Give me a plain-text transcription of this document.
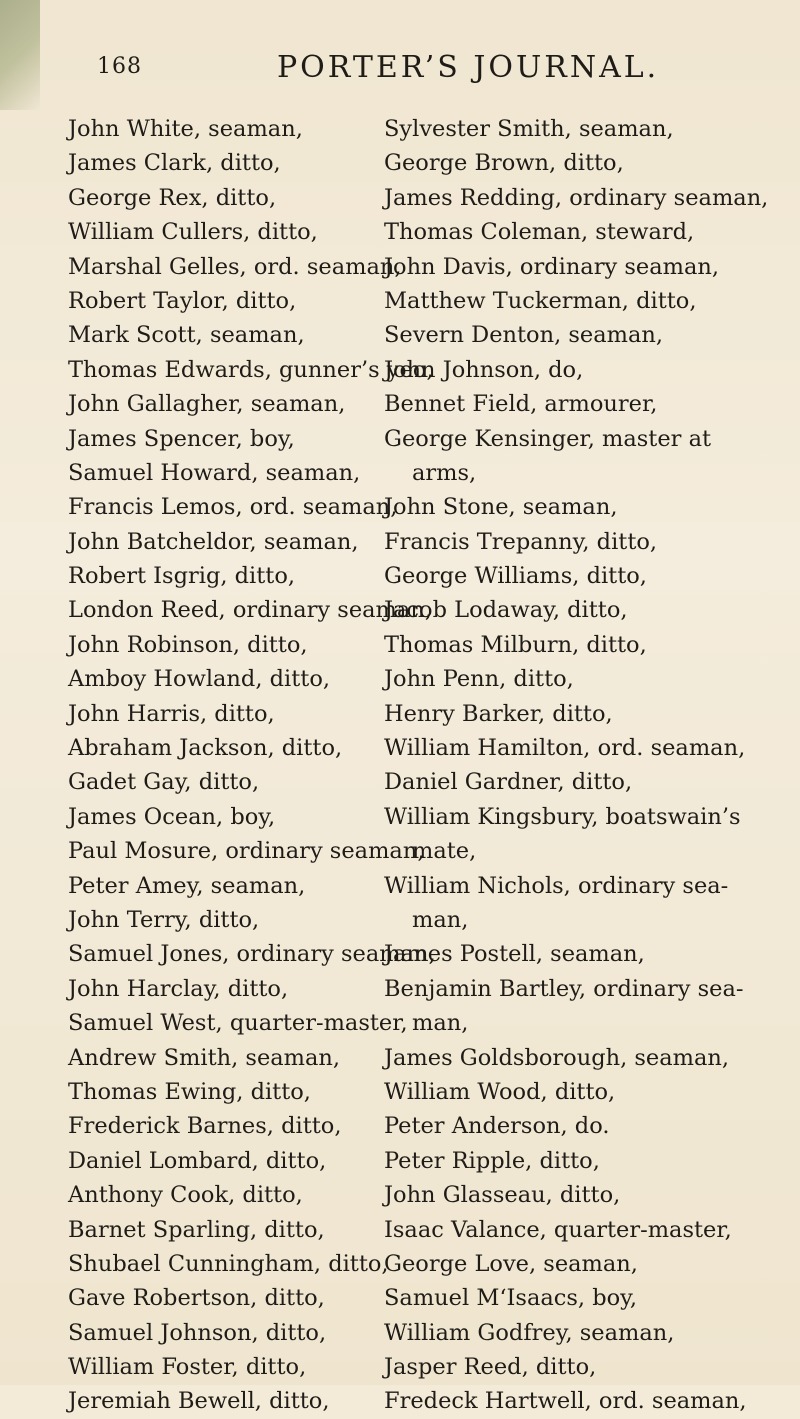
168	PORTER’S JOURNAL.
John White, seaman,
James Clark, ditto,
George Rex, ditto,
William Cullers, ditto,
Marshal Gelles, ord. seaman,
Robert Taylor, ditto,
Mark Scott, seaman,
Thomas Edwards, gunner’s yeo,
John Gallagher, seaman,
James Spencer, boy,
Samuel Howard, seaman,
Francis Lemos, ord. seaman,
John Batcheldor, seaman,
Robert Isgrig, ditto,
London Reed, ordinary seaman,
John Robinson, ditto,
Amboy Howland, ditto,
John Harris, ditto,
Abraham Jackson, ditto,
Gadet Gay, ditto,
James Ocean, boy,
Paul Mosure, ordinary seaman,
Peter Amey, seaman,
John Terry, ditto,
Samuel Jones, ordinary seaman,
John Harclay, ditto,
Samuel West, quarter-master,
Andrew Smith, seaman,
Thomas Ewing, ditto,
Frederick Barnes, ditto,
Daniel Lombard, ditto,
Anthony Cook, ditto,
Barnet Sparling, ditto,
Shubael Cunningham, ditto,
Gave Robertson, ditto,
Samuel Johnson, ditto,
William Foster, ditto,
Jeremiah Bewell, ditto,
Sylvester Smith, seaman,
George Brown, ditto,
James Redding, ordinary seaman,
Thomas Coleman, steward,
John Davis, ordinary seaman,
Matthew Tuckerman, ditto,
Severn Denton, seaman,
John Johnson, do,
Bennet Field, armourer,
George Kensinger, master at
arms,
John Stone, seaman,
Francis Trepanny, ditto,
George Williams, ditto,
Jacob Lodaway, ditto,
Thomas Milburn, ditto,
John Penn, ditto,
Henry Barker, ditto,
William Hamilton, ord. seaman,
Daniel Gardner, ditto,
William Kingsbury, boatswain’s
mate,
William Nichols, ordinary sea-
man,
James Postell, seaman,
Benjamin Bartley, ordinary sea-
man,
James Goldsborough, seaman,
William Wood, ditto,
Peter Anderson, do.
Peter Ripple, ditto,
John Glasseau, ditto,
Isaac Valance, quarter-master,
George Love, seaman,
Samuel M‘Isaacs, boy,
William Godfrey, seaman,
Jasper Reed, ditto,
Fredeck Hartwell, ord. seaman,
